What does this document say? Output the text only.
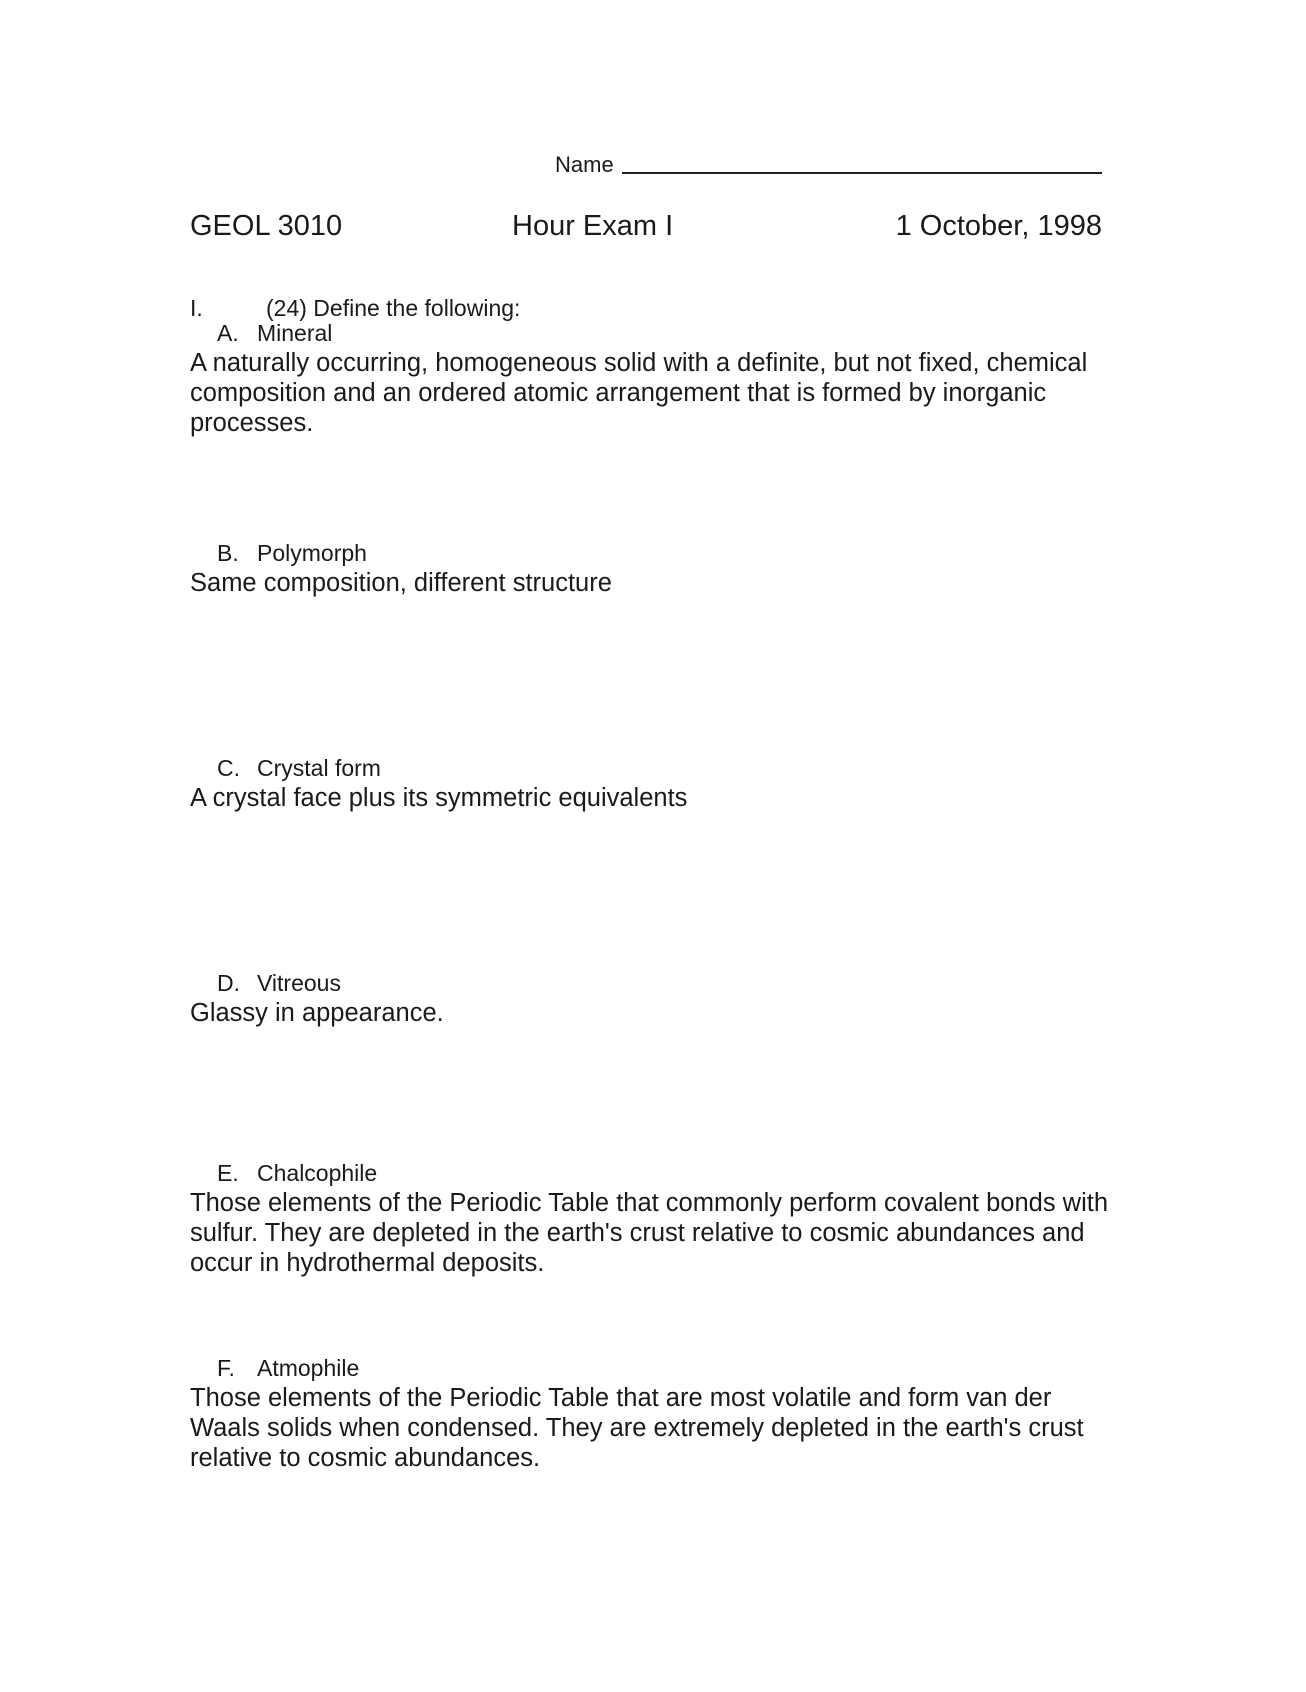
Name
GEOL 3010	Hour Exam I	1 October, 1998
I.	(24) Define the following:
A. Mineral
A naturally occurring, homogeneous solid with a definite, but not fixed, chemical composition and an ordered atomic arrangement that is formed by inorganic processes.
B. Polymorph
Same composition, different structure
C. Crystal form
A crystal face plus its symmetric equivalents
D. Vitreous
Glassy in appearance.
E. Chalcophile
Those elements of the Periodic Table that commonly perform covalent bonds with sulfur. They are depleted in the earth's crust relative to cosmic abundances and occur in hydrothermal deposits.
F. Atmophile
Those elements of the Periodic Table that are most volatile and form van der Waals solids when condensed. They are extremely depleted in the earth's crust relative to cosmic abundances.
